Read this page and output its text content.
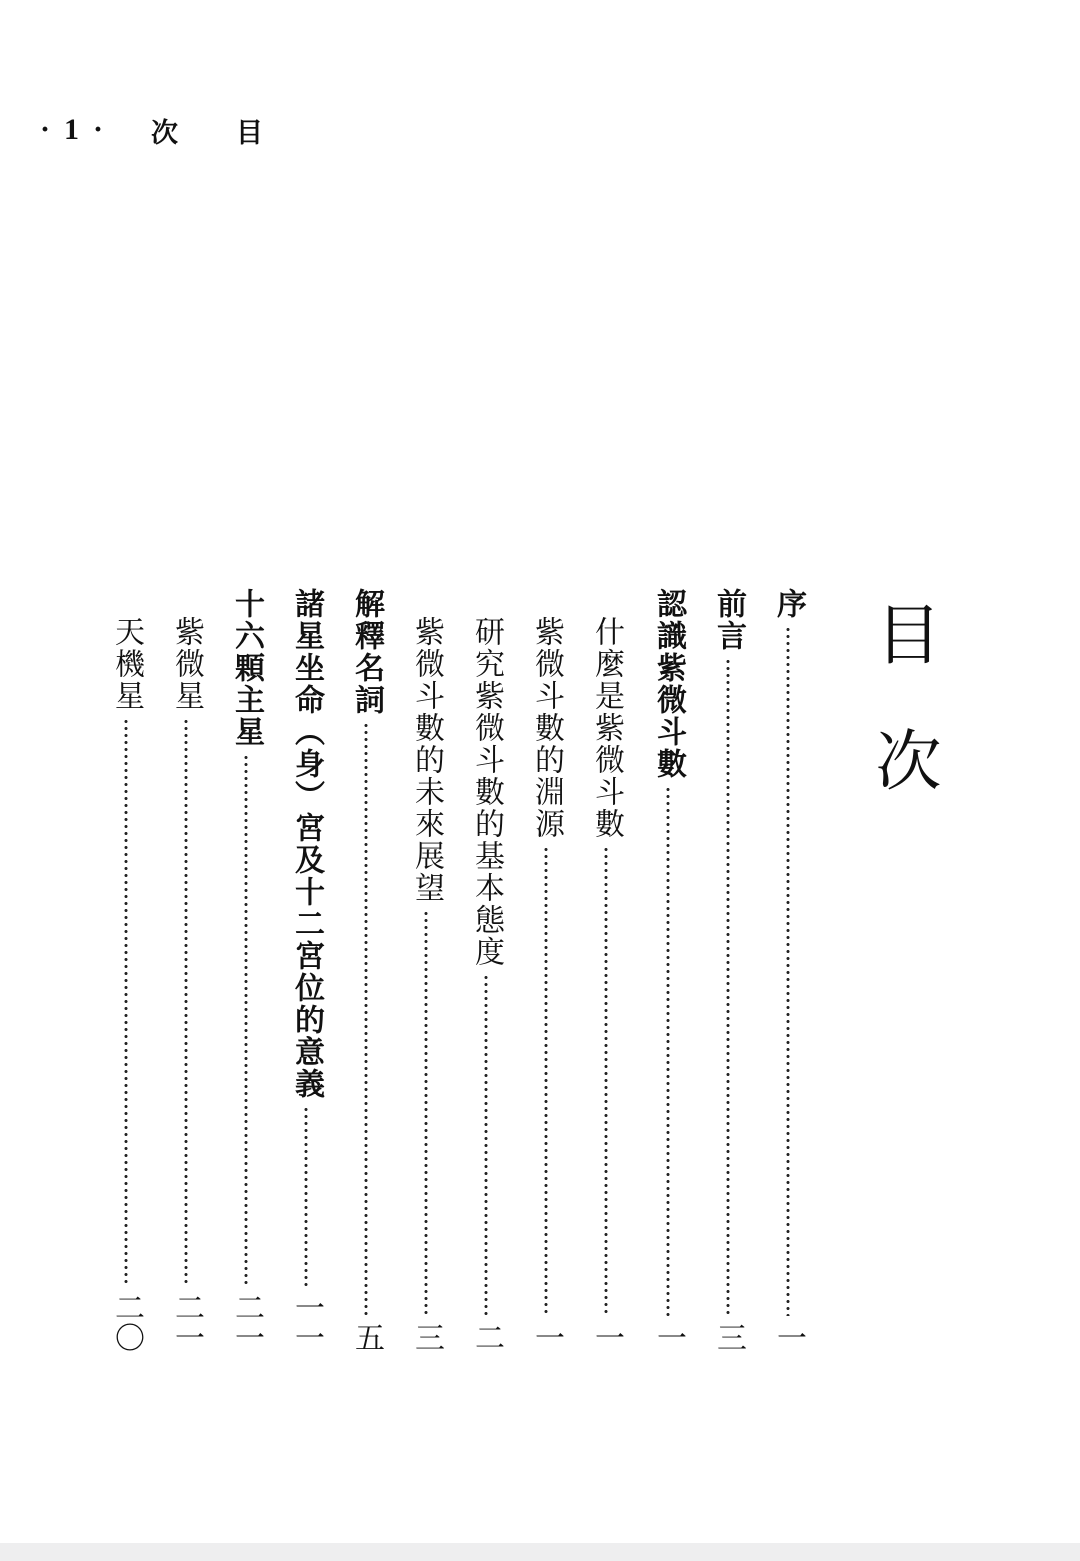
·1· 次 目
目次
序
一
前言
三
認識紫微斗數
一
什麼是紫微斗數
一
紫微斗數的淵源
一
研究紫微斗數的基本態度
二
紫微斗數的未來展望
三
解釋名詞
五
諸星坐命（身）宮及十二宮位的意義
一一
十六顆主星
二一
紫微星
二一
天機星
二〇
